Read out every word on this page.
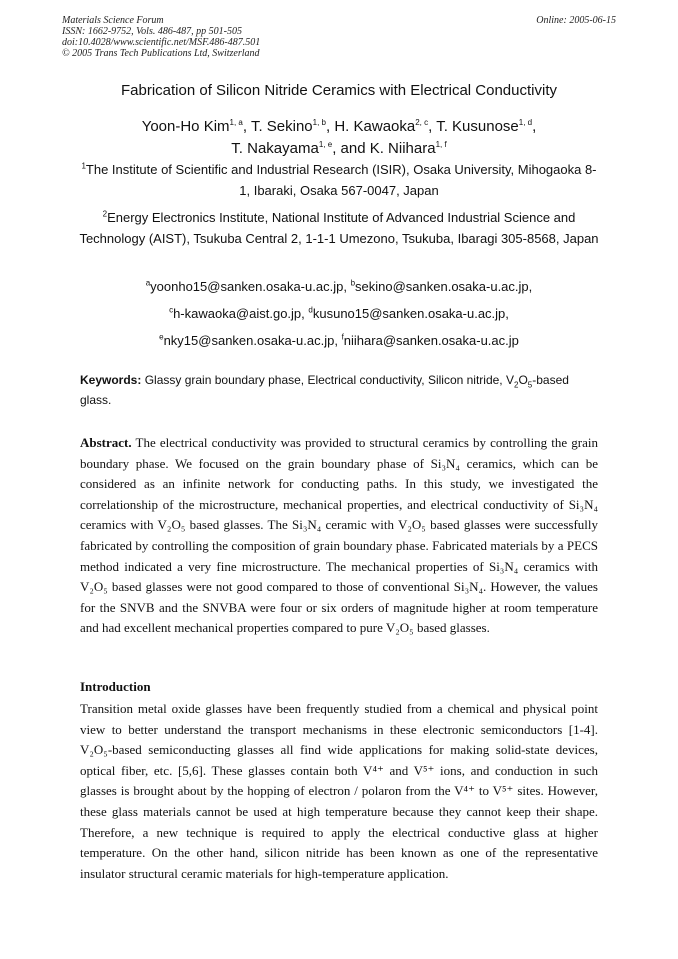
Materials Science Forum
ISSN: 1662-9752, Vols. 486-487, pp 501-505
doi:10.4028/www.scientific.net/MSF.486-487.501
© 2005 Trans Tech Publications Ltd, Switzerland
Online: 2005-06-15
Fabrication of Silicon Nitride Ceramics with Electrical Conductivity
Yoon-Ho Kim$^{1, a}$, T. Sekino$^{1, b}$, H. Kawaoka$^{2, c}$, T. Kusunose$^{1, d}$,
T. Nakayama$^{1, e}$, and K. Niihara$^{1, f}$
$^1$The Institute of Scientific and Industrial Research (ISIR), Osaka University, Mihogaoka 8-1, Ibaraki, Osaka 567-0047, Japan
$^2$Energy Electronics Institute, National Institute of Advanced Industrial Science and Technology (AIST), Tsukuba Central 2, 1-1-1 Umezono, Tsukuba, Ibaragi 305-8568, Japan
$^a$yoonho15@sanken.osaka-u.ac.jp, $^b$sekino@sanken.osaka-u.ac.jp,
$^c$h-kawaoka@aist.go.jp, $^d$kusuno15@sanken.osaka-u.ac.jp,
$^e$nky15@sanken.osaka-u.ac.jp, $^f$niihara@sanken.osaka-u.ac.jp
Keywords: Glassy grain boundary phase, Electrical conductivity, Silicon nitride, $V_2O_5$-based glass.
Abstract. The electrical conductivity was provided to structural ceramics by controlling the grain boundary phase. We focused on the grain boundary phase of Si₃N₄ ceramics, which can be considered as an infinite network for conducting paths. In this study, we investigated the correlationship of the microstructure, mechanical properties, and electrical conductivity of Si₃N₄ ceramics with V₂O₅ based glasses. The Si₃N₄ ceramic with V₂O₅ based glasses were successfully fabricated by controlling the composition of grain boundary phase. Fabricated materials by a PECS method indicated a very fine microstructure. The mechanical properties of Si₃N₄ ceramics with V₂O₅ based glasses were not good compared to those of conventional Si₃N₄. However, the values for the SNVB and the SNVBA were four or six orders of magnitude higher at room temperature and had excellent mechanical properties compared to pure V₂O₅ based glasses.
Introduction
Transition metal oxide glasses have been frequently studied from a chemical and physical point view to better understand the transport mechanisms in these electronic semiconductors [1-4]. V₂O₅-based semiconducting glasses all find wide applications for making solid-state devices, optical fiber, etc. [5,6]. These glasses contain both V⁴⁺ and V⁵⁺ ions, and conduction in such glasses is brought about by the hopping of electron / polaron from the V⁴⁺ to V⁵⁺ sites. However, these glass materials cannot be used at high temperature because they cannot keep their shape. Therefore, a new technique is required to apply the electrical conductive glass at higher temperature. On the other hand, silicon nitride has been known as one of the representative insulator structural ceramic materials for high-temperature application.
